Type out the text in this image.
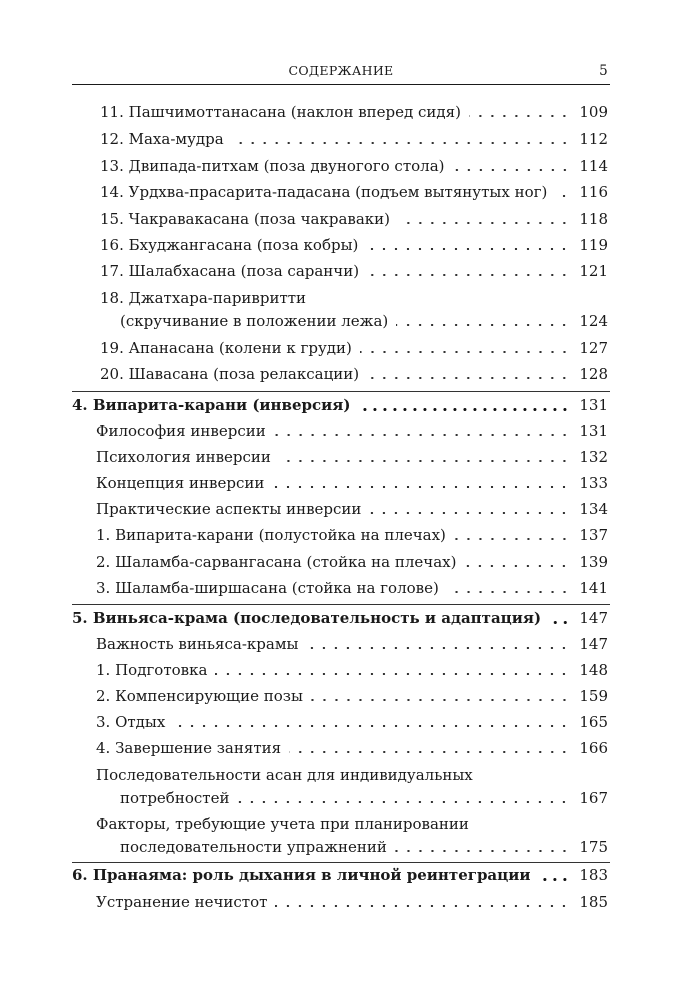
СОДЕРЖАНИЕ	5
11. Пашчимоттанасана (наклон вперед сидя)	109
12. Маха-мудра	112
13. Двипада-питхам (поза двуногого стола)	114
14. Урдхва-прасарита-падасана (подъем вытянутых ног)	116
15. Чакравакасана (поза чакраваки)	118
16. Бхуджангасана (поза кобры)	119
17. Шалабхасана (поза саранчи)	121
18. Джатхара-паривритти
(скручивание в положении лежа)	124
19. Апанасана (колени к груди)	127
20. Шавасана (поза релаксации)	128
4. Випарита-карани (инверсия)	131
Философия инверсии	131
Психология инверсии	132
Концепция инверсии	133
Практические аспекты инверсии	134
1. Випарита-карани (полустойка на плечах)	137
2. Шаламба-сарвангасана (стойка на плечах)	139
3. Шаламба-ширшасана (стойка на голове)	141
5. Виньяса-крама (последовательность и адаптация)	147
Важность виньяса-крамы	147
1. Подготовка	148
2. Компенсирующие позы	159
3. Отдых	165
4. Завершение занятия	166
Последовательности асан для индивидуальных
потребностей	167
Факторы, требующие учета при планировании
последовательности упражнений	175
6. Пранаяма: роль дыхания в личной реинтеграции	183
Устранение нечистот	185
